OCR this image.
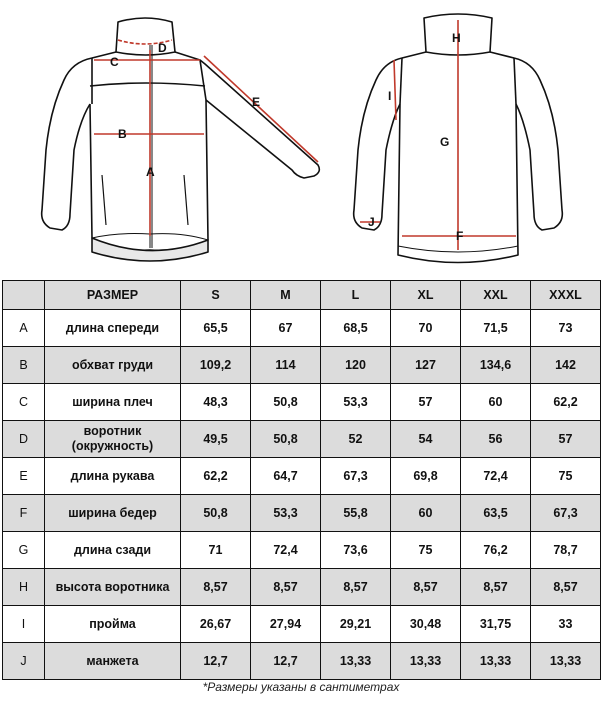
A
B
C
D
E
F
G
H
I
J
	РАЗМЕР	S	M	L	XL	XXL	XXXL
A	длина спереди	65,5	67	68,5	70	71,5	73
B	обхват груди	109,2	114	120	127	134,6	142
C	ширина плеч	48,3	50,8	53,3	57	60	62,2
D	воротник (окружность)	49,5	50,8	52	54	56	57
E	длина рукава	62,2	64,7	67,3	69,8	72,4	75
F	ширина бедер	50,8	53,3	55,8	60	63,5	67,3
G	длина сзади	71	72,4	73,6	75	76,2	78,7
H	высота воротника	8,57	8,57	8,57	8,57	8,57	8,57
I	пройма	26,67	27,94	29,21	30,48	31,75	33
J	манжета	12,7	12,7	13,33	13,33	13,33	13,33
*Размеры указаны в сантиметрах
